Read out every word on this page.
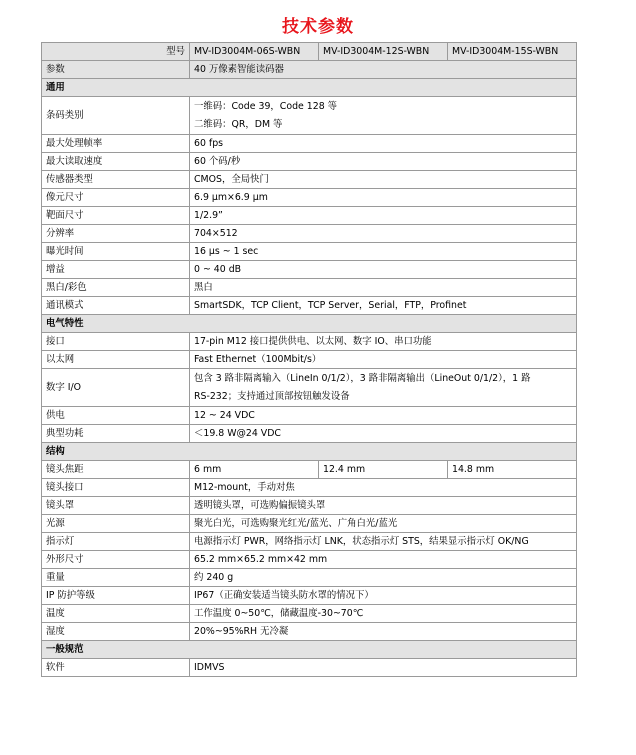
技术参数
型号	MV-ID3004M-06S-WBN	MV-ID3004M-12S-WBN	MV-ID3004M-15S-WBN
参数	40 万像素智能读码器		
通用			
条码类别	一维码：Code 39，Code 128 等
二维码：QR，DM 等		

最大处理帧率	60 fps		
最大读取速度	60 个码/秒		
传感器类型	CMOS，全局快门		
像元尺寸	6.9 μm×6.9 μm		
靶面尺寸	1/2.9”		
分辨率	704×512		
曝光时间	16 μs ~ 1 sec		
增益	0 ~ 40 dB		
黑白/彩色	黑白		
通讯模式	SmartSDK，TCP Client，TCP Server，Serial，FTP，Profinet		
电气特性			
接口	17-pin M12 接口提供供电、以太网、数字 IO、串口功能		
以太网	Fast Ethernet（100Mbit/s）		
数字 I/O	包含 3 路非隔离输入（LineIn 0/1/2），3 路非隔离输出（LineOut 0/1/2），1 路
RS-232；支持通过顶部按钮触发设备		

供电	12 ~ 24 VDC		
典型功耗	＜19.8 W@24 VDC		
结构			
镜头焦距	6 mm	12.4 mm	14.8 mm
镜头接口	M12-mount，手动对焦		
镜头罩	透明镜头罩，可选购偏振镜头罩		
光源	聚光白光，可选购聚光红光/蓝光、广角白光/蓝光		
指示灯	电源指示灯 PWR，网络指示灯 LNK，状态指示灯 STS，结果显示指示灯 OK/NG		
外形尺寸	65.2 mm×65.2 mm×42 mm		
重量	约 240 g		
IP 防护等级	IP67（正确安装适当镜头防水罩的情况下）		
温度	工作温度 0~50℃，储藏温度-30~70℃		
湿度	20%~95%RH 无冷凝		
一般规范			
软件	IDMVS		
